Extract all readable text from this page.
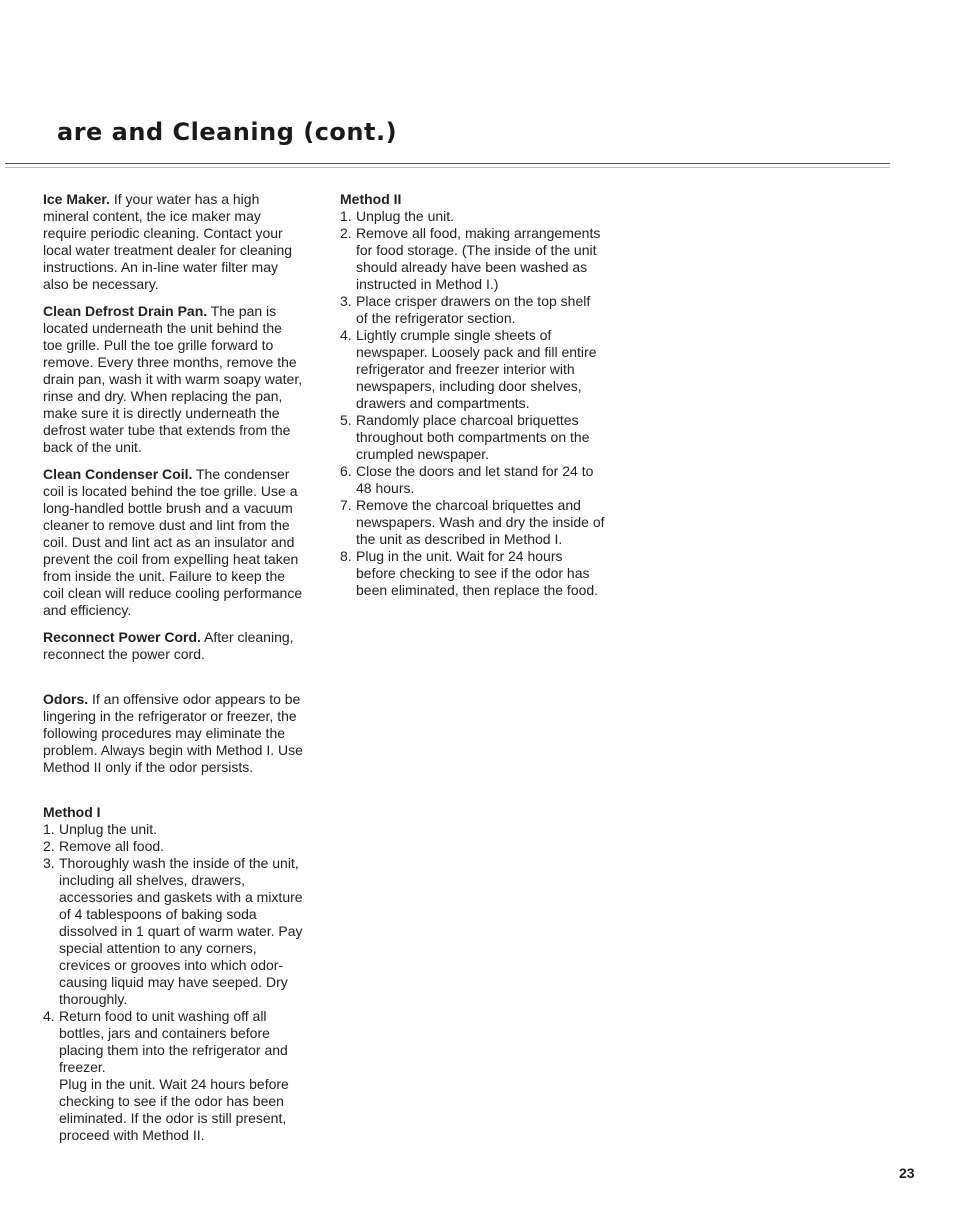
are and Cleaning (cont.)

Ice Maker. If your water has a high mineral content, the ice maker may require periodic cleaning. Contact your local water treatment dealer for cleaning instructions. An in-line water filter may also be necessary.

Clean Defrost Drain Pan. The pan is located underneath the unit behind the toe grille. Pull the toe grille forward to remove. Every three months, remove the drain pan, wash it with warm soapy water, rinse and dry. When replacing the pan, make sure it is directly underneath the defrost water tube that extends from the back of the unit.

Clean Condenser Coil. The condenser coil is located behind the toe grille. Use a long-handled bottle brush and a vacuum cleaner to remove dust and lint from the coil. Dust and lint act as an insulator and prevent the coil from expelling heat taken from inside the unit. Failure to keep the coil clean will reduce cooling performance and efficiency.

Reconnect Power Cord. After cleaning, reconnect the power cord.

Odors. If an offensive odor appears to be lingering in the refrigerator or freezer, the following procedures may eliminate the problem. Always begin with Method I. Use Method II only if the odor persists.

Method I

1. Unplug the unit.
2. Remove all food.
3. Thoroughly wash the inside of the unit, including all shelves, drawers, accessories and gaskets with a mixture of 4 tablespoons of baking soda dissolved in 1 quart of warm water. Pay special attention to any corners, crevices or grooves into which odor-causing liquid may have seeped. Dry thoroughly.
4. Return food to unit washing off all bottles, jars and containers before placing them into the refrigerator and freezer.

Plug in the unit. Wait 24 hours before checking to see if the odor has been eliminated. If the odor is still present, proceed with Method II.

Method II

1. Unplug the unit.
2. Remove all food, making arrangements for food storage. (The inside of the unit should already have been washed as instructed in Method I.)
3. Place crisper drawers on the top shelf of the refrigerator section.
4. Lightly crumple single sheets of newspaper. Loosely pack and fill entire refrigerator and freezer interior with newspapers, including door shelves, drawers and compartments.
5. Randomly place charcoal briquettes throughout both compartments on the crumpled newspaper.
6. Close the doors and let stand for 24 to 48 hours.
7. Remove the charcoal briquettes and newspapers. Wash and dry the inside of the unit as described in Method I.
8. Plug in the unit. Wait for 24 hours before checking to see if the odor has been eliminated, then replace the food.
23
